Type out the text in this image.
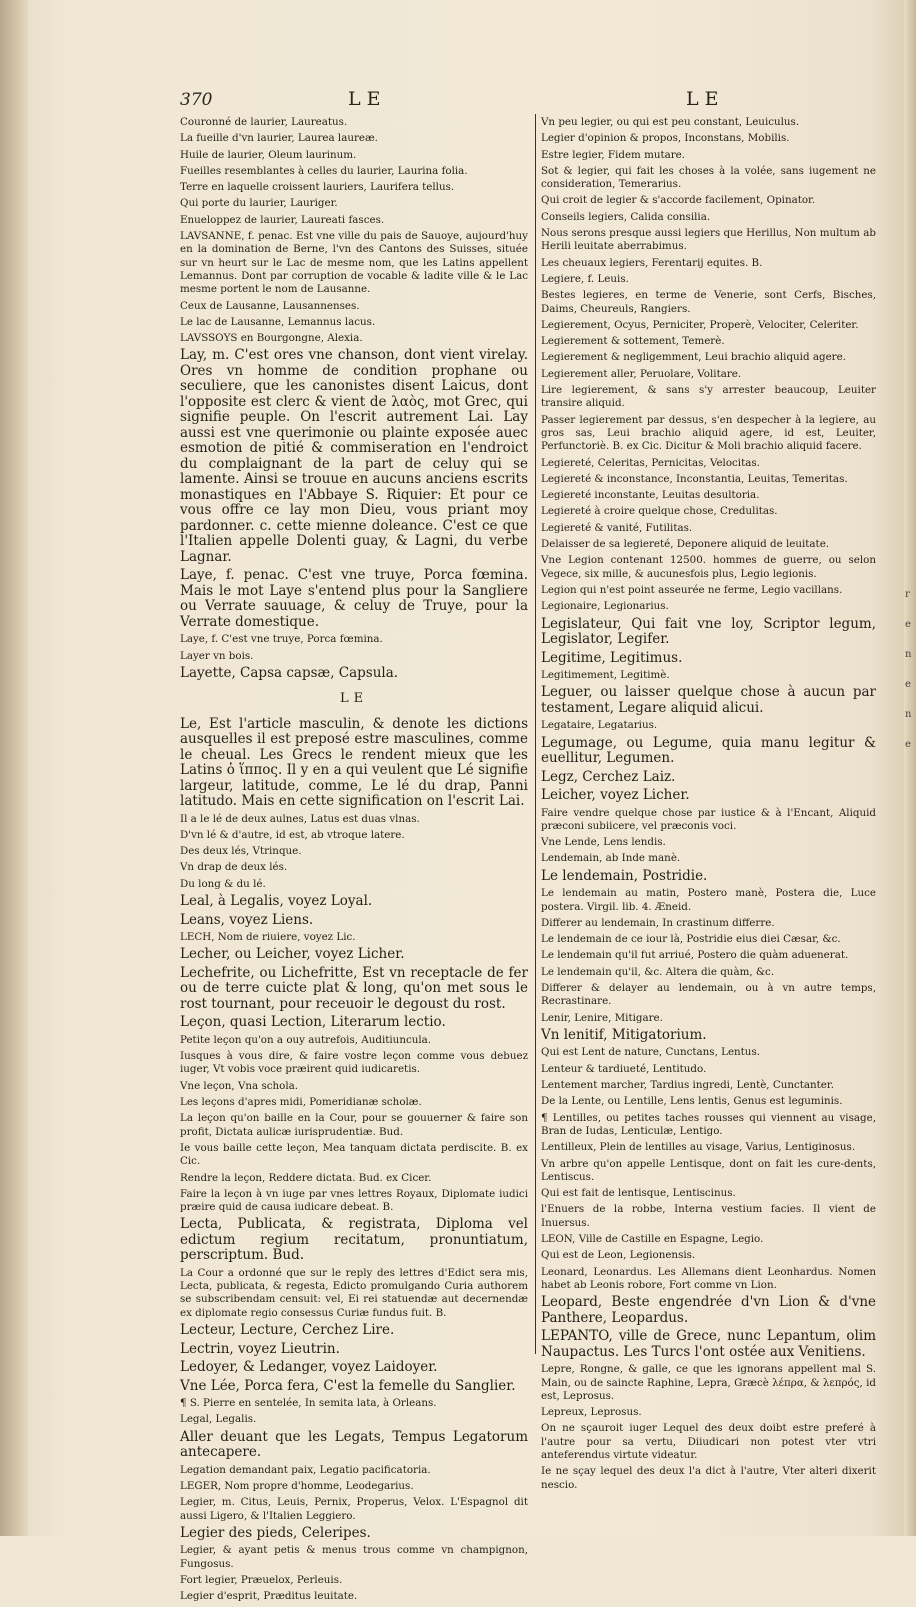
370	LE	LE
Couronné de laurier, Laureatus.
La fueille d'vn laurier, Laurea laureæ.
Huile de laurier, Oleum laurinum.
Fueilles resemblantes à celles du laurier, Laurina folia.
Terre en laquelle croissent lauriers, Laurifera tellus.
Qui porte du laurier, Lauriger.
Enueloppez de laurier, Laureati fasces.
LAVSANNE, f. penac. Est vne ville du pais de Sauoye, aujourd'huy en la domination de Berne, l'vn des Cantons des Suisses, située sur vn heurt sur le Lac de mesme nom, que les Latins appellent Lemannus. Dont par corruption de vocable & ladite ville & le Lac mesme portent le nom de Lausanne.
Ceux de Lausanne, Lausannenses.
Le lac de Lausanne, Lemannus lacus.
LAVSSOYS en Bourgongne, Alexia.
Lay, m. C'est ores vne chanson, dont vient virelay. Ores vn homme de condition prophane ou seculiere, que les canonistes disent Laicus, dont l'opposite est clerc & vient de λαὸς, mot Grec, qui signifie peuple. On l'escrit autrement Lai. Lay aussi est vne querimonie ou plainte exposée auec esmotion de pitié & commiseration en l'endroict du complaignant de la part de celuy qui se lamente. Ainsi se trouue en aucuns anciens escrits monastiques en l'Abbaye S. Riquier: Et pour ce vous offre ce lay mon Dieu, vous priant moy pardonner. c. cette mienne doleance. C'est ce que l'Italien appelle Dolenti guay, & Lagni, du verbe Lagnar.
Laye, f. penac. C'est vne truye, Porca fœmina. Mais le mot Laye s'entend plus pour la Sangliere ou Verrate sauuage, & celuy de Truye, pour la Verrate domestique.
Laye, f. C'est vne truye, Porca fœmina.
Layer vn bois.
Layette, Capsa capsæ, Capsula.
LE
Le, Est l'article masculin, & denote les dictions ausquelles il est preposé estre masculines, comme le cheual. Les Grecs le rendent mieux que les Latins ὁ ἵππος. Il y en a qui veulent que Lé signifie largeur, latitude, comme, Le lé du drap, Panni latitudo. Mais en cette signification on l'escrit Lai.
Il a le lé de deux aulnes, Latus est duas vlnas.
D'vn lé & d'autre, id est, ab vtroque latere.
Des deux lés, Vtrinque.
Vn drap de deux lés.
Du long & du lé.
Leal, à Legalis, voyez Loyal.
Leans, voyez Liens.
LECH, Nom de riuiere, voyez Lic.
Lecher, ou Leicher, voyez Licher.
Lechefrite, ou Lichefritte, Est vn receptacle de fer ou de terre cuicte plat & long, qu'on met sous le rost tournant, pour receuoir le degoust du rost.
Leçon, quasi Lection, Literarum lectio.
Petite leçon qu'on a ouy autrefois, Auditiuncula.
Iusques à vous dire, & faire vostre leçon comme vous debuez iuger, Vt vobis voce præirent quid iudicaretis.
Vne leçon, Vna schola.
Les leçons d'apres midi, Pomeridianæ scholæ.
La leçon qu'on baille en la Cour, pour se gouuerner & faire son profit, Dictata aulicæ iurisprudentiæ. Bud.
Ie vous baille cette leçon, Mea tanquam dictata perdiscite. B. ex Cic.
Rendre la leçon, Reddere dictata. Bud. ex Cicer.
Faire la leçon à vn iuge par vnes lettres Royaux, Diplomate iudici præire quid de causa iudicare debeat. B.
Lecta, Publicata, & registrata, Diploma vel edictum regium recitatum, pronuntiatum, perscriptum. Bud.
La Cour a ordonné que sur le reply des lettres d'Edict sera mis, Lecta, publicata, & regesta, Edicto promulgando Curia authorem se subscribendam censuit: vel, Ei rei statuendæ aut decernendæ ex diplomate regio consessus Curiæ fundus fuit. B.
Lecteur, Lecture, Cerchez Lire.
Lectrin, voyez Lieutrin.
Ledoyer, & Ledanger, voyez Laidoyer.
Vne Lée, Porca fera, C'est la femelle du Sanglier.
¶ S. Pierre en sentelée, In semita lata, à Orleans.
Legal, Legalis.
Aller deuant que les Legats, Tempus Legatorum antecapere.
Legation demandant paix, Legatio pacificatoria.
LEGER, Nom propre d'homme, Leodegarius.
Legier, m. Citus, Leuis, Pernix, Properus, Velox. L'Espagnol dit aussi Ligero, & l'Italien Leggiero.
Legier des pieds, Celeripes.
Legier, & ayant petis & menus trous comme vn champignon, Fungosus.
Fort legier, Præuelox, Perleuis.
Legier d'esprit, Præditus leuitate.
Vn peu legier, ou qui est peu constant, Leuiculus.
Legier d'opinion & propos, Inconstans, Mobilis.
Estre legier, Fidem mutare.
Sot & legier, qui fait les choses à la volée, sans iugement ne consideration, Temerarius.
Qui croit de legier & s'accorde facilement, Opinator.
Conseils legiers, Calida consilia.
Nous serons presque aussi legiers que Herillus, Non multum ab Herili leuitate aberrabimus.
Les cheuaux legiers, Ferentarij equites. B.
Legiere, f. Leuis.
Bestes legieres, en terme de Venerie, sont Cerfs, Bisches, Daims, Cheureuls, Rangiers.
Legierement, Ocyus, Perniciter, Properè, Velociter, Celeriter.
Legierement & sottement, Temerè.
Legierement & negligemment, Leui brachio aliquid agere.
Legierement aller, Peruolare, Volitare.
Lire legierement, & sans s'y arrester beaucoup, Leuiter transire aliquid.
Passer legierement par dessus, s'en despecher à la legiere, au gros sas, Leui brachio aliquid agere, id est, Leuiter, Perfunctoriè. B. ex Cic. Dicitur & Moli brachio aliquid facere.
Legiereté, Celeritas, Pernicitas, Velocitas.
Legiereté & inconstance, Inconstantia, Leuitas, Temeritas.
Legiereté inconstante, Leuitas desultoria.
Legiereté à croire quelque chose, Credulitas.
Legiereté & vanité, Futilitas.
Delaisser de sa legiereté, Deponere aliquid de leuitate.
Vne Legion contenant 12500. hommes de guerre, ou selon Vegece, six mille, & aucunesfois plus, Legio legionis.
Legion qui n'est point asseurée ne ferme, Legio vacillans.
Legionaire, Legionarius.
Legislateur, Qui fait vne loy, Scriptor legum, Legislator, Legifer.
Legitime, Legitimus.
Legitimement, Legitimè.
Leguer, ou laisser quelque chose à aucun par testament, Legare aliquid alicui.
Legataire, Legatarius.
Legumage, ou Legume, quia manu legitur & euellitur, Legumen.
Legz, Cerchez Laiz.
Leicher, voyez Licher.
Faire vendre quelque chose par iustice & à l'Encant, Aliquid præconi subiicere, vel præconis voci.
Vne Lende, Lens lendis.
Lendemain, ab Inde manè.
Le lendemain, Postridie.
Le lendemain au matin, Postero manè, Postera die, Luce postera. Virgil. lib. 4. Æneid.
Differer au lendemain, In crastinum differre.
Le lendemain de ce iour là, Postridie eius diei Cæsar, &c.
Le lendemain qu'il fut arriué, Postero die quàm aduenerat.
Le lendemain qu'il, &c. Altera die quàm, &c.
Differer & delayer au lendemain, ou à vn autre temps, Recrastinare.
Lenir, Lenire, Mitigare.
Vn lenitif, Mitigatorium.
Qui est Lent de nature, Cunctans, Lentus.
Lenteur & tardiueté, Lentitudo.
Lentement marcher, Tardius ingredi, Lentè, Cunctanter.
De la Lente, ou Lentille, Lens lentis, Genus est leguminis.
¶ Lentilles, ou petites taches rousses qui viennent au visage, Bran de Iudas, Lenticulæ, Lentigo.
Lentilleux, Plein de lentilles au visage, Varius, Lentiginosus.
Vn arbre qu'on appelle Lentisque, dont on fait les cure-dents, Lentiscus.
Qui est fait de lentisque, Lentiscinus.
l'Enuers de la robbe, Interna vestium facies. Il vient de Inuersus.
LEON, Ville de Castille en Espagne, Legio.
Qui est de Leon, Legionensis.
Leonard, Leonardus. Les Allemans dient Leonhardus. Nomen habet ab Leonis robore, Fort comme vn Lion.
Leopard, Beste engendrée d'vn Lion & d'vne Panthere, Leopardus.
LEPANTO, ville de Grece, nunc Lepantum, olim Naupactus. Les Turcs l'ont ostée aux Venitiens.
Lepre, Rongne, & galle, ce que les ignorans appellent mal S. Main, ou de saincte Raphine, Lepra, Græcè λέπρα, & λεπρός, id est, Leprosus.
Lepreux, Leprosus.
On ne sçauroit iuger Lequel des deux doibt estre preferé à l'autre pour sa vertu, Diiudicari non potest vter vtri anteferendus virtute videatur.
Ie ne sçay lequel des deux l'a dict à l'autre, Vter alteri dixerit nescio.
r
e
n
e
n
e
